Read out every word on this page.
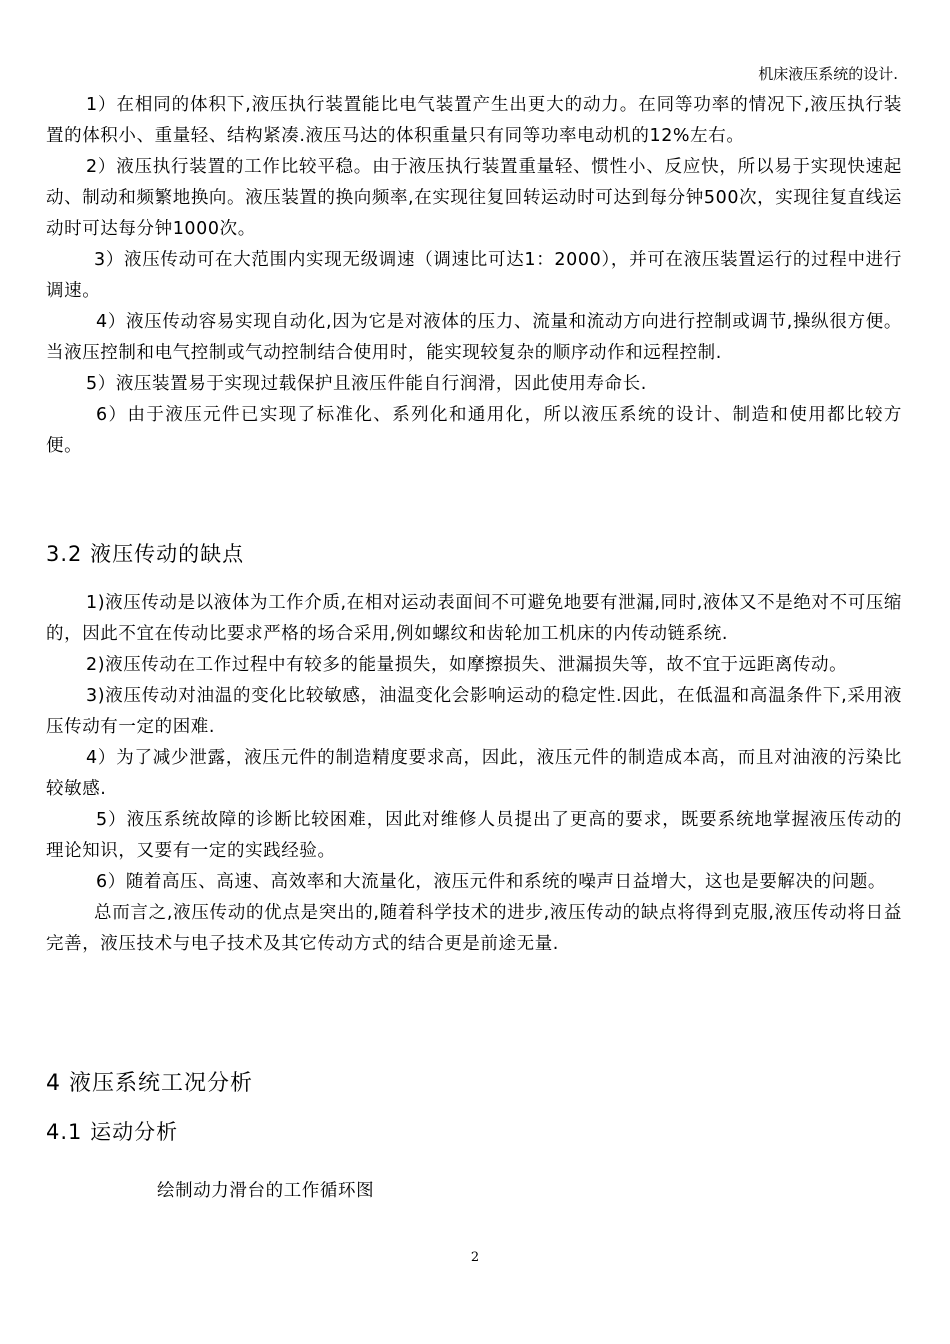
机床液压系统的设计.

1）在相同的体积下,液压执行装置能比电气装置产生出更大的动力。在同等功率的情况下,液压执行装置的体积小、重量轻、结构紧凑.液压马达的体积重量只有同等功率电动机的12%左右。

2）液压执行装置的工作比较平稳。由于液压执行装置重量轻、惯性小、反应快，所以易于实现快速起动、制动和频繁地换向。液压装置的换向频率,在实现往复回转运动时可达到每分钟500次，实现往复直线运动时可达每分钟1000次。

3）液压传动可在大范围内实现无级调速（调速比可达1：2000），并可在液压装置运行的过程中进行调速。

4）液压传动容易实现自动化,因为它是对液体的压力、流量和流动方向进行控制或调节,操纵很方便。当液压控制和电气控制或气动控制结合使用时，能实现较复杂的顺序动作和远程控制.

5）液压装置易于实现过载保护且液压件能自行润滑，因此使用寿命长.

6）由于液压元件已实现了标准化、系列化和通用化，所以液压系统的设计、制造和使用都比较方便。

3.2 液压传动的缺点

1)液压传动是以液体为工作介质,在相对运动表面间不可避免地要有泄漏,同时,液体又不是绝对不可压缩的，因此不宜在传动比要求严格的场合采用,例如螺纹和齿轮加工机床的内传动链系统.

2)液压传动在工作过程中有较多的能量损失，如摩擦损失、泄漏损失等，故不宜于远距离传动。

3)液压传动对油温的变化比较敏感，油温变化会影响运动的稳定性.因此，在低温和高温条件下,采用液压传动有一定的困难.

4）为了减少泄露，液压元件的制造精度要求高，因此，液压元件的制造成本高，而且对油液的污染比较敏感.

5）液压系统故障的诊断比较困难，因此对维修人员提出了更高的要求，既要系统地掌握液压传动的理论知识，又要有一定的实践经验。

6）随着高压、高速、高效率和大流量化，液压元件和系统的噪声日益增大，这也是要解决的问题。

总而言之,液压传动的优点是突出的,随着科学技术的进步,液压传动的缺点将得到克服,液压传动将日益完善，液压技术与电子技术及其它传动方式的结合更是前途无量.

4 液压系统工况分析
4.1 运动分析
绘制动力滑台的工作循环图
2
